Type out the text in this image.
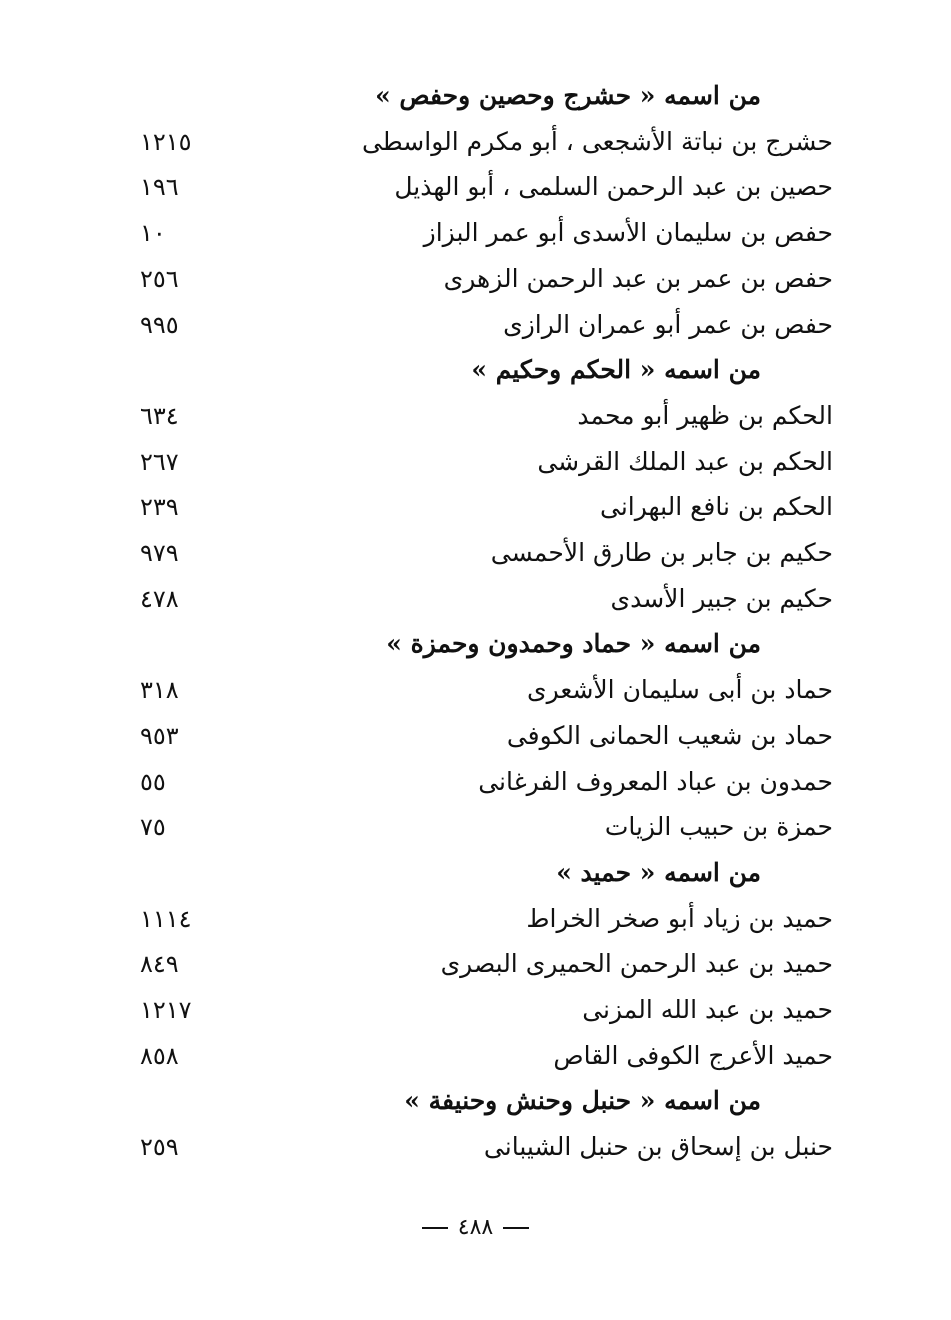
من اسمه « حشرج وحصين وحفص »
حشرج بن نباتة الأشجعى ، أبو مكرم الواسطى
١٢١٥
حصين بن عبد الرحمن السلمى ، أبو الهذيل
١٩٦
حفص بن سليمان الأسدى أبو عمر البزاز
١٠
حفص بن عمر بن عبد الرحمن الزهرى
٢٥٦
حفص بن عمر أبو عمران الرازى
٩٩٥
من اسمه « الحكم وحكيم »
الحكم بن ظهير أبو محمد
٦٣٤
الحكم بن عبد الملك القرشى
٢٦٧
الحكم بن نافع البهرانى
٢٣٩
حكيم بن جابر بن طارق الأحمسى
٩٧٩
حكيم بن جبير الأسدى
٤٧٨
من اسمه « حماد وحمدون وحمزة »
حماد بن أبى سليمان الأشعرى
٣١٨
حماد بن شعيب الحمانى الكوفى
٩٥٣
حمدون بن عباد المعروف الفرغانى
٥٥
حمزة بن حبيب الزيات
٧٥
من اسمه « حميد »
حميد بن زياد أبو صخر الخراط
١١١٤
حميد بن عبد الرحمن الحميرى البصرى
٨٤٩
حميد بن عبد الله المزنى
١٢١٧
حميد الأعرج الكوفى القاص
٨٥٨
من اسمه « حنبل وحنش وحنيفة »
حنبل بن إسحاق بن حنبل الشيبانى
٢٥٩
٤٨٨
